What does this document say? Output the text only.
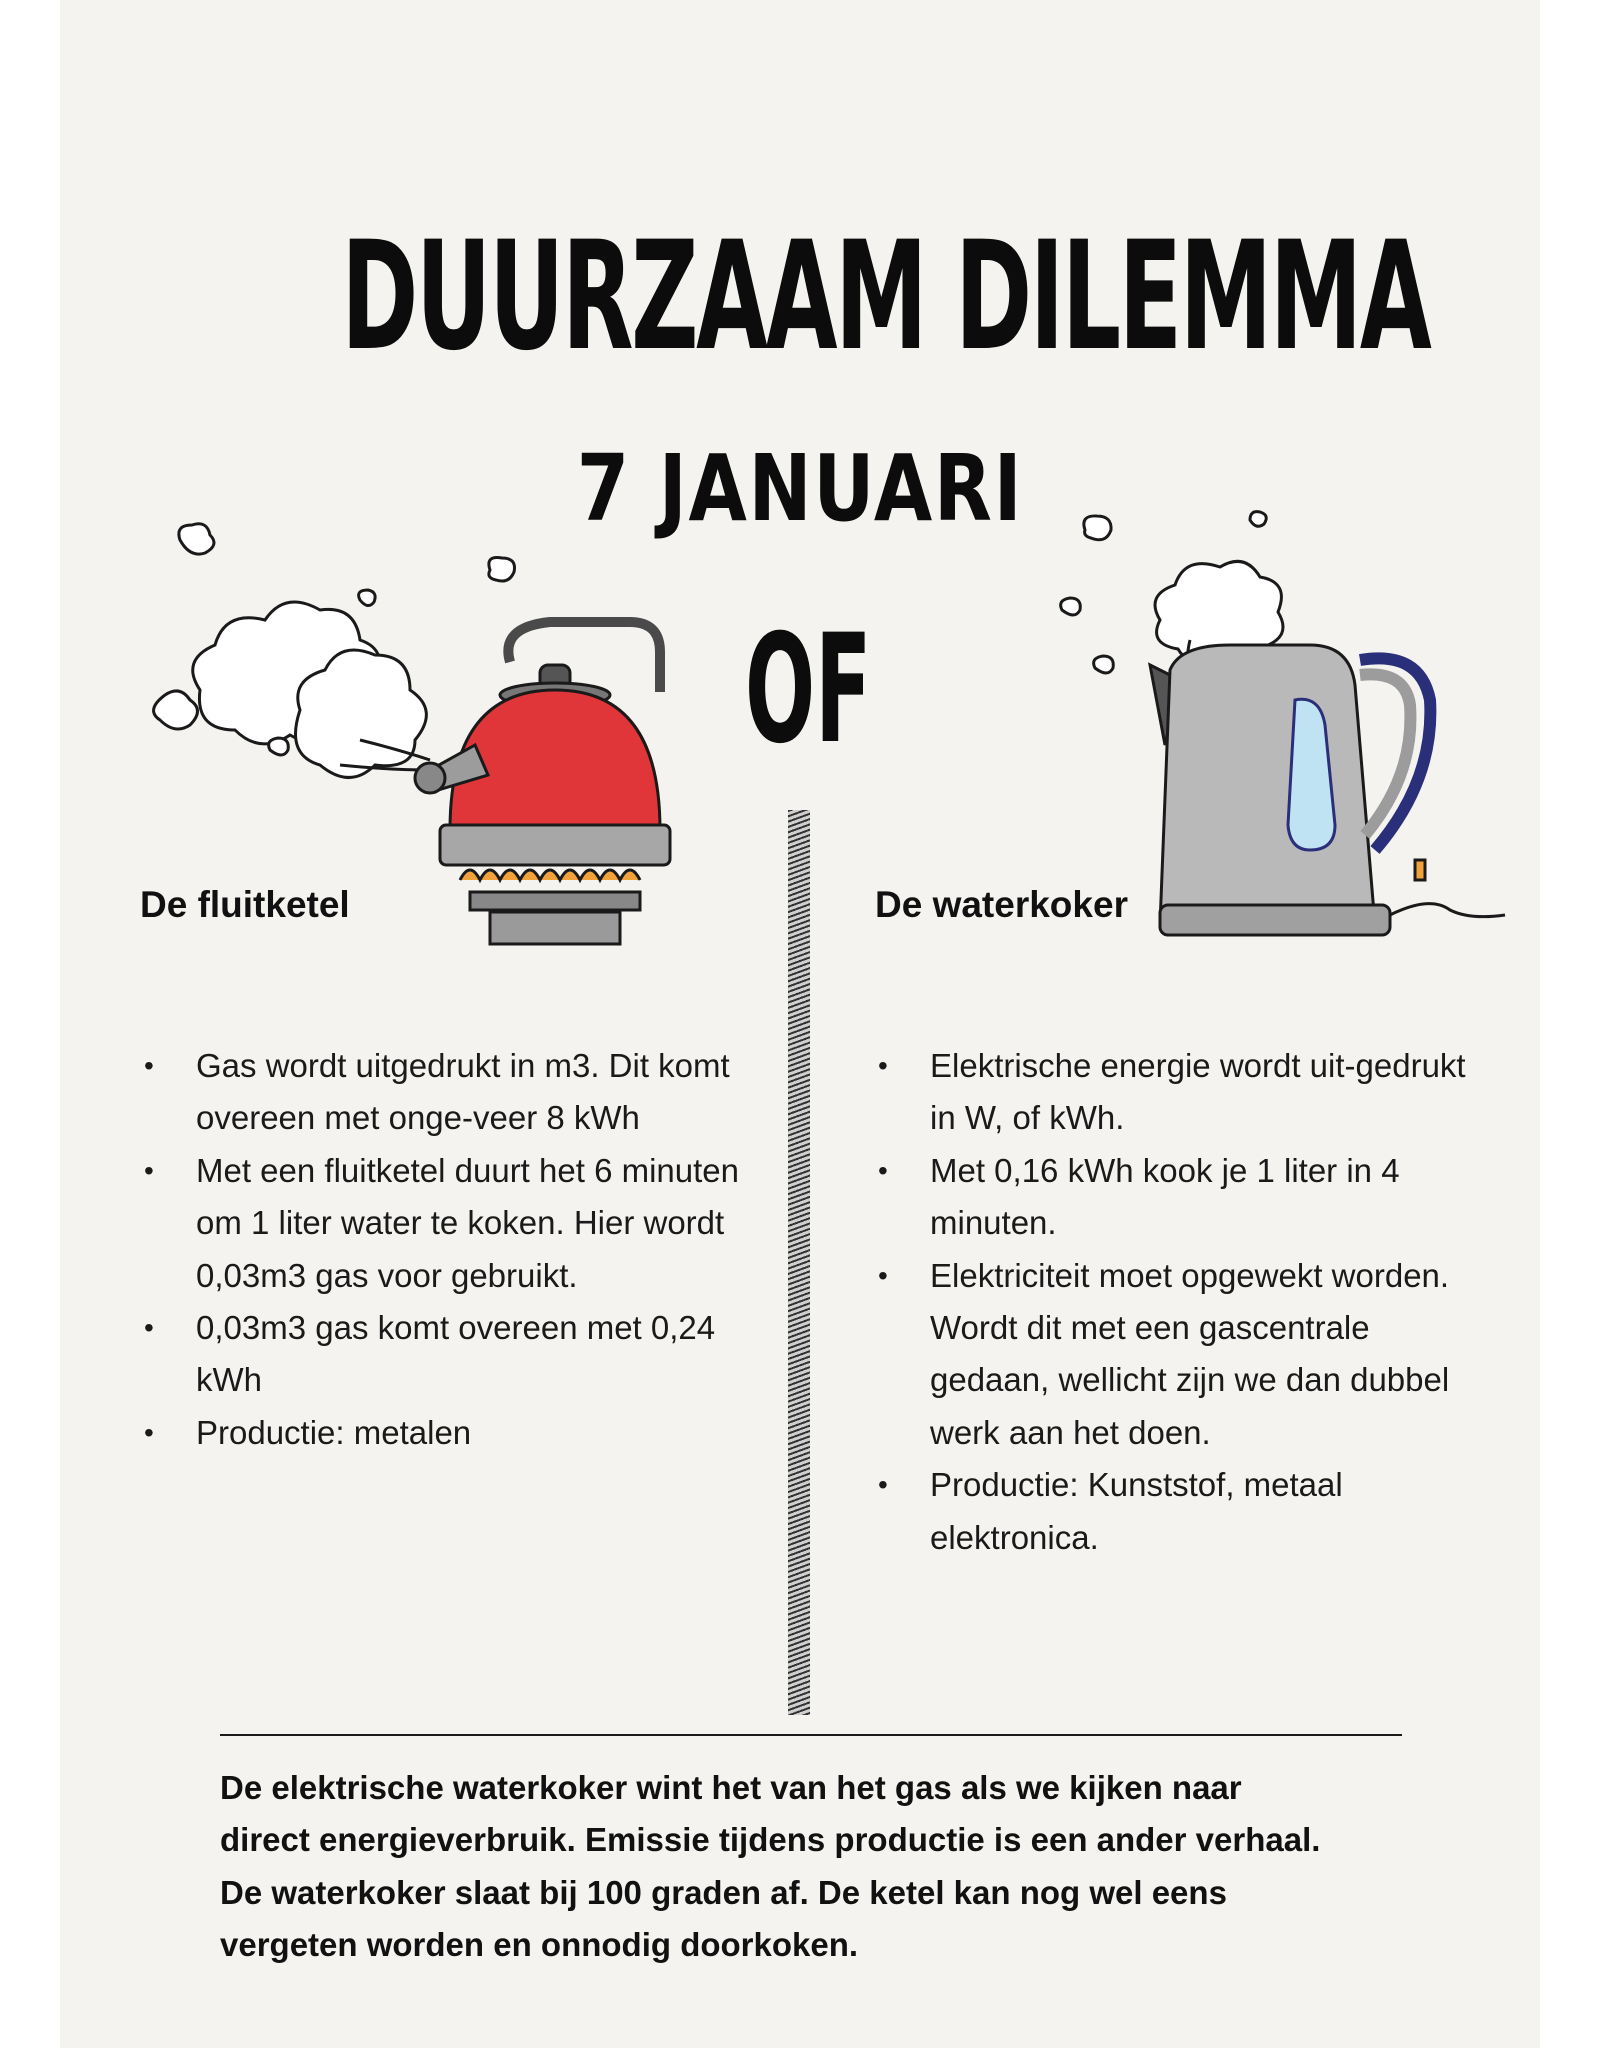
DUURZAAM DILEMMA
7 JANUARI
OF
De fluitketel	De waterkoker
• Gas wordt uitgedrukt in m3. Dit komt overeen met onge-veer 8 kWh
• Met een fluitketel duurt het 6 minuten om 1 liter water te koken. Hier wordt 0,03m3 gas voor gebruikt.
• 0,03m3 gas komt overeen met 0,24 kWh
• Productie: metalen
• Elektrische energie wordt uit-gedrukt in W, of kWh.
• Met 0,16 kWh kook je 1 liter in 4 minuten.
• Elektriciteit moet opgewekt worden. Wordt dit met een gascentrale gedaan, wellicht zijn we dan dubbel werk aan het doen.
• Productie: Kunststof, metaal elektronica.
De elektrische waterkoker wint het van het gas als we kijken naar direct energieverbruik. Emissie tijdens productie is een ander verhaal. De waterkoker slaat bij 100 graden af. De ketel kan nog wel eens vergeten worden en onnodig doorkoken.
